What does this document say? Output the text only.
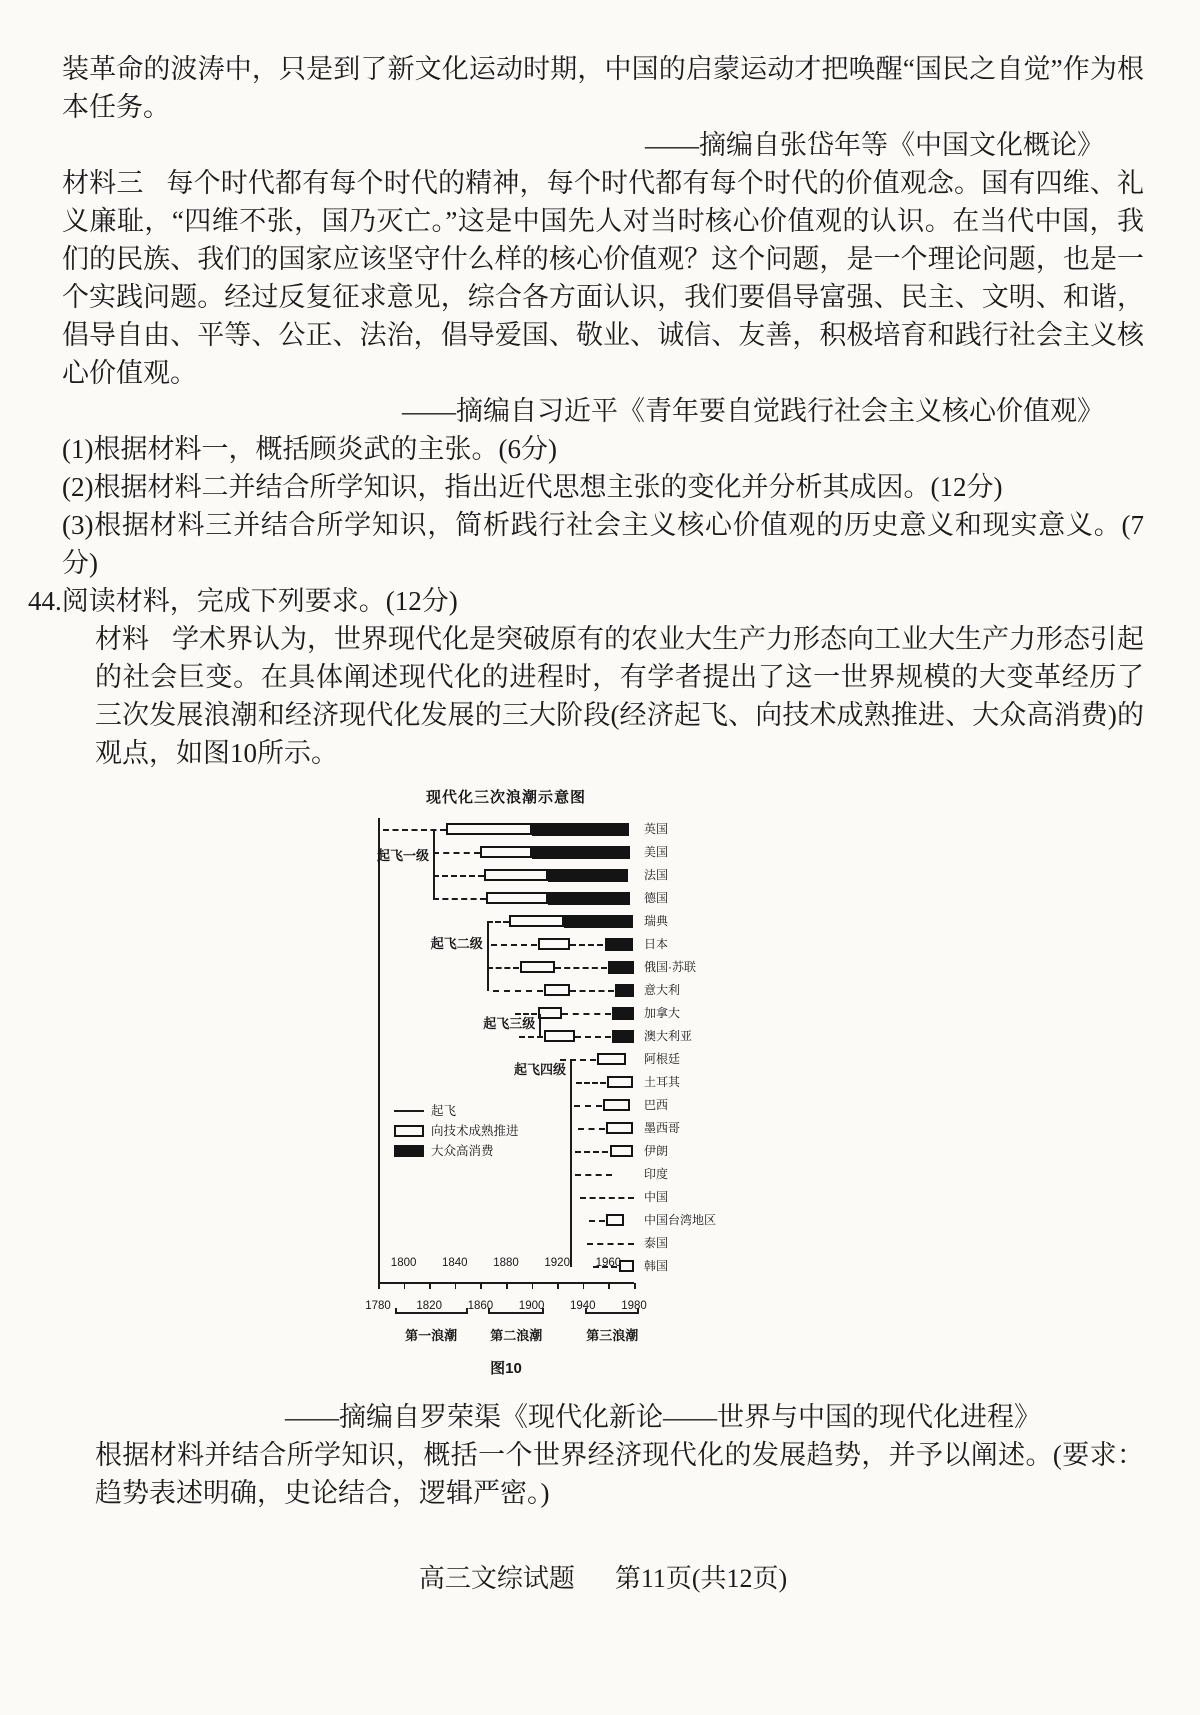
装革命的波涛中，只是到了新文化运动时期，中国的启蒙运动才把唤醒“国民之自觉”作为根本任务。

——摘编自张岱年等《中国文化概论》

材料三 每个时代都有每个时代的精神，每个时代都有每个时代的价值观念。国有四维、礼义廉耻，“四维不张，国乃灭亡。”这是中国先人对当时核心价值观的认识。在当代中国，我们的民族、我们的国家应该坚守什么样的核心价值观？这个问题，是一个理论问题，也是一个实践问题。经过反复征求意见，综合各方面认识，我们要倡导富强、民主、文明、和谐，倡导自由、平等、公正、法治，倡导爱国、敬业、诚信、友善，积极培育和践行社会主义核心价值观。

——摘编自习近平《青年要自觉践行社会主义核心价值观》

(1)根据材料一，概括顾炎武的主张。(6分)

(2)根据材料二并结合所学知识，指出近代思想主张的变化并分析其成因。(12分)

(3)根据材料三并结合所学知识，简析践行社会主义核心价值观的历史意义和现实意义。(7分)

44.阅读材料，完成下列要求。(12分)

材料 学术界认为，世界现代化是突破原有的农业大生产力形态向工业大生产力形态引起的社会巨变。在具体阐述现代化的进程时，有学者提出了这一世界规模的大变革经历了三次发展浪潮和经济现代化发展的三大阶段(经济起飞、向技术成熟推进、大众高消费)的观点，如图10所示。

现代化三次浪潮示意图
英国
美国
法国
德国
瑞典
日本
俄国·苏联
意大利
加拿大
澳大利亚
阿根廷
土耳其
巴西
墨西哥
伊朗
印度
中国
中国台湾地区
泰国
韩国
起飞一级
起飞二级
起飞三级
起飞四级
起飞
向技术成熟推进
大众高消费
1800 1840 1880 1920 1960
1780 1820 1860 1900 1940 1980
第一浪潮	第二浪潮	第三浪潮
图10

——摘编自罗荣渠《现代化新论——世界与中国的现代化进程》

根据材料并结合所学知识，概括一个世界经济现代化的发展趋势，并予以阐述。(要求：趋势表述明确，史论结合，逻辑严密。)

高三文综试题 第11页(共12页)
